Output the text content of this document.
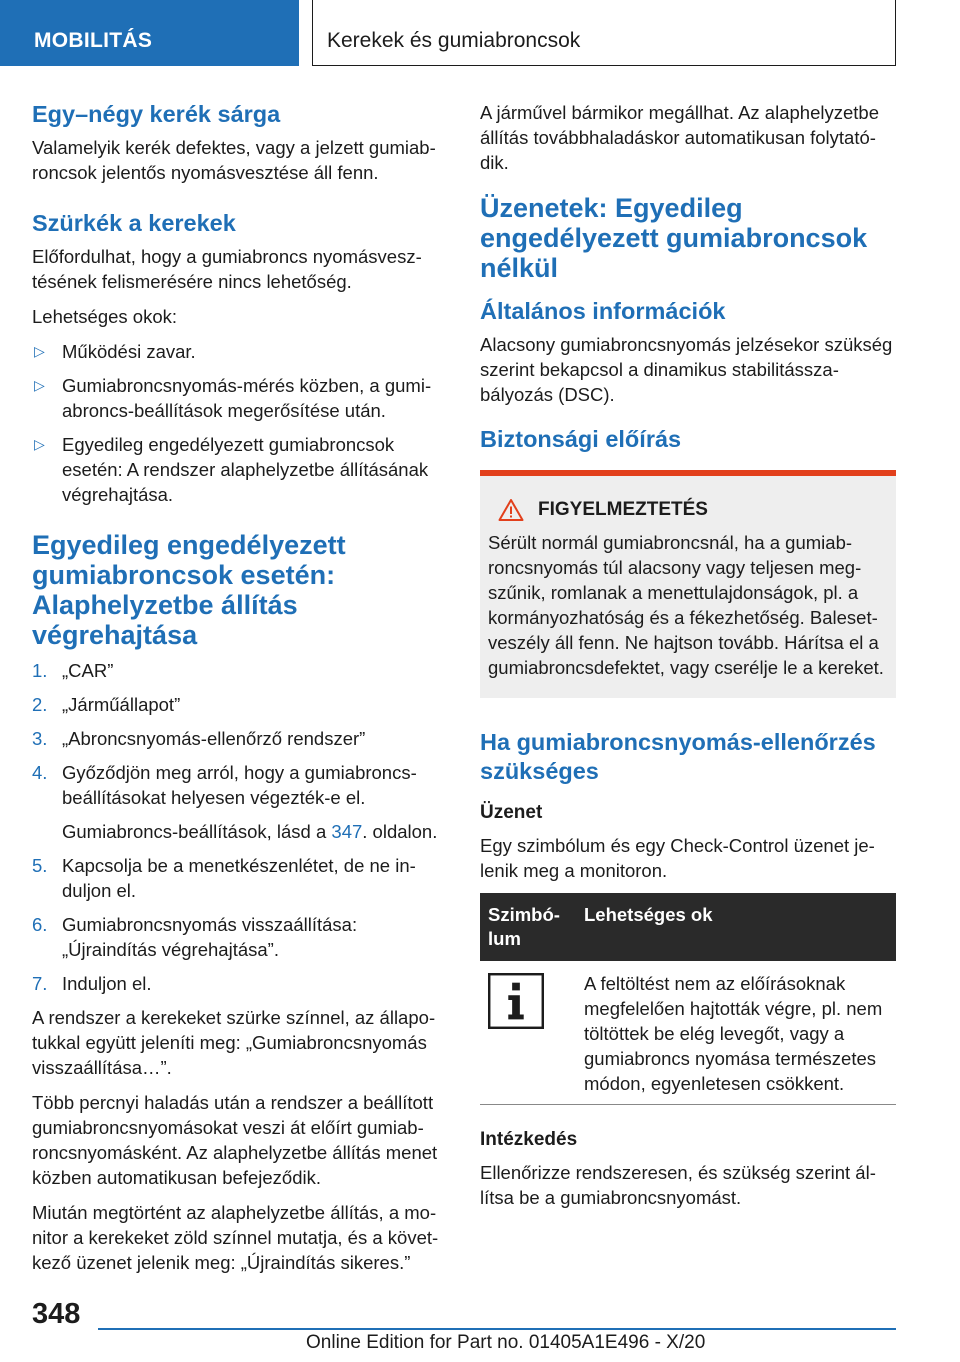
MOBILITÁS	Kerekek és gumiabroncsok
Egy–négy kerék sárga
Valamelyik kerék defektes, vagy a jelzett gumiabroncsok jelentős nyomásvesztése áll fenn.
Szürkék a kerekek
Előfordulhat, hogy a gumiabroncs nyomásvesztésének felismerésére nincs lehetőség.
Lehetséges okok:
▷ Működési zavar.
▷ Gumiabroncsnyomás-mérés közben, a gumiabroncs-beállítások megerősítése után.
▷ Egyedileg engedélyezett gumiabroncsok esetén: A rendszer alaphelyzetbe állításának végrehajtása.
Egyedileg engedélyezett gumiabroncsok esetén: Alaphelyzetbe állítás végrehajtása
1. „CAR”
2. „Járműállapot”
3. „Abroncsnyomás-ellenőrző rendszer”
4. Győződjön meg arról, hogy a gumiabroncsbeállításokat helyesen végezték-e el.
Gumiabroncs-beállítások, lásd a 347. oldalon.
5. Kapcsolja be a menetkészenlétet, de ne induljon el.
6. Gumiabroncsnyomás visszaállítása: „Újraindítás végrehajtása”.
7. Induljon el.
A rendszer a kerekeket szürke színnel, az állapotukkal együtt jeleníti meg: „Gumiabroncsnyomás visszaállítása…”.
Több percnyi haladás után a rendszer a beállított gumiabroncsnyomásokat veszi át előírt gumiabroncsnyomásként. Az alaphelyzetbe állítás menet közben automatikusan befejeződik.
Miután megtörtént az alaphelyzetbe állítás, a monitor a kerekeket zöld színnel mutatja, és a következő üzenet jelenik meg: „Újraindítás sikeres.”
A járművel bármikor megállhat. Az alaphelyzetbe állítás továbbhaladáskor automatikusan folytatódik.
Üzenetek: Egyedileg engedélyezett gumiabroncsok nélkül
Általános információk
Alacsony gumiabroncsnyomás jelzésekor szükség szerint bekapcsol a dinamikus stabilitásszabályozás (DSC).
Biztonsági előírás
FIGYELMEZTETÉS
Sérült normál gumiabroncsnál, ha a gumiabroncsnyomás túl alacsony vagy teljesen megszűnik, romlanak a menettulajdonságok, pl. a kormányozhatóság és a fékezhetőség. Balesetveszély áll fenn. Ne hajtson tovább. Hárítsa el a gumiabroncsdefektet, vagy cserélje le a kereket.
Ha gumiabroncsnyomás-ellenőrzés szükséges
Üzenet
Egy szimbólum és egy Check-Control üzenet jelenik meg a monitoron.
Szimbólum	Lehetséges ok

	A feltöltést nem az előírásoknak megfelelően hajtották végre, pl. nem töltöttek be elég levegőt, vagy a gumiabroncs nyomása természetes módon, egyenletesen csökkent.
Intézkedés
Ellenőrizze rendszeresen, és szükség szerint állítsa be a gumiabroncsnyomást.
348
Online Edition for Part no. 01405A1E496 - X/20
